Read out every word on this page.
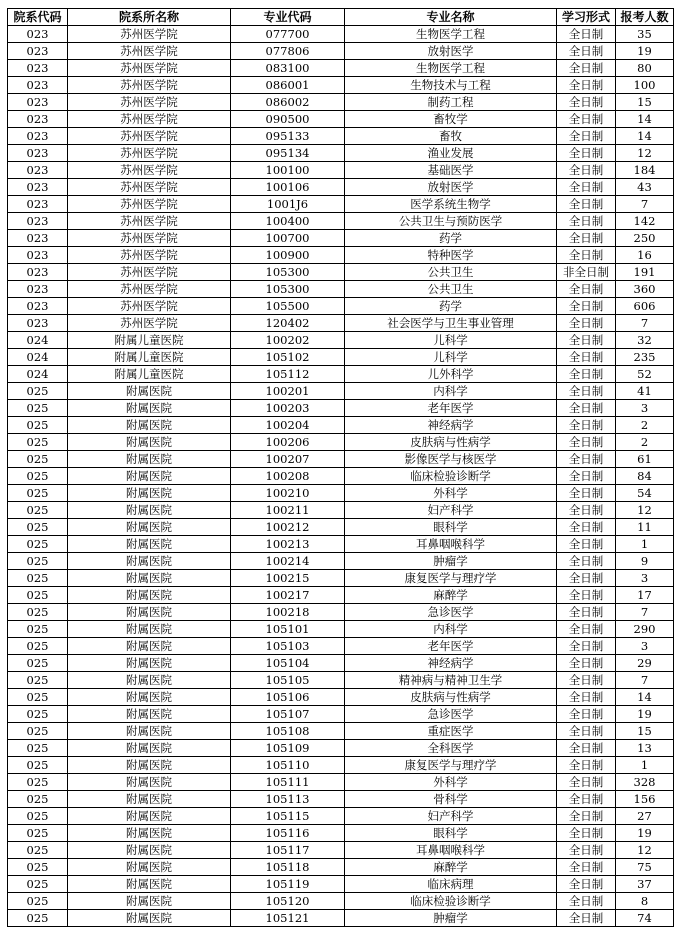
院系代码	院系所名称	专业代码	专业名称	学习形式	报考人数
023	苏州医学院	077700	生物医学工程	全日制	35
023	苏州医学院	077806	放射医学	全日制	19
023	苏州医学院	083100	生物医学工程	全日制	80
023	苏州医学院	086001	生物技术与工程	全日制	100
023	苏州医学院	086002	制药工程	全日制	15
023	苏州医学院	090500	畜牧学	全日制	14
023	苏州医学院	095133	畜牧	全日制	14
023	苏州医学院	095134	渔业发展	全日制	12
023	苏州医学院	100100	基础医学	全日制	184
023	苏州医学院	100106	放射医学	全日制	43
023	苏州医学院	1001J6	医学系统生物学	全日制	7
023	苏州医学院	100400	公共卫生与预防医学	全日制	142
023	苏州医学院	100700	药学	全日制	250
023	苏州医学院	100900	特种医学	全日制	16
023	苏州医学院	105300	公共卫生	非全日制	191
023	苏州医学院	105300	公共卫生	全日制	360
023	苏州医学院	105500	药学	全日制	606
023	苏州医学院	120402	社会医学与卫生事业管理	全日制	7
024	附属儿童医院	100202	儿科学	全日制	32
024	附属儿童医院	105102	儿科学	全日制	235
024	附属儿童医院	105112	儿外科学	全日制	52
025	附属医院	100201	内科学	全日制	41
025	附属医院	100203	老年医学	全日制	3
025	附属医院	100204	神经病学	全日制	2
025	附属医院	100206	皮肤病与性病学	全日制	2
025	附属医院	100207	影像医学与核医学	全日制	61
025	附属医院	100208	临床检验诊断学	全日制	84
025	附属医院	100210	外科学	全日制	54
025	附属医院	100211	妇产科学	全日制	12
025	附属医院	100212	眼科学	全日制	11
025	附属医院	100213	耳鼻咽喉科学	全日制	1
025	附属医院	100214	肿瘤学	全日制	9
025	附属医院	100215	康复医学与理疗学	全日制	3
025	附属医院	100217	麻醉学	全日制	17
025	附属医院	100218	急诊医学	全日制	7
025	附属医院	105101	内科学	全日制	290
025	附属医院	105103	老年医学	全日制	3
025	附属医院	105104	神经病学	全日制	29
025	附属医院	105105	精神病与精神卫生学	全日制	7
025	附属医院	105106	皮肤病与性病学	全日制	14
025	附属医院	105107	急诊医学	全日制	19
025	附属医院	105108	重症医学	全日制	15
025	附属医院	105109	全科医学	全日制	13
025	附属医院	105110	康复医学与理疗学	全日制	1
025	附属医院	105111	外科学	全日制	328
025	附属医院	105113	骨科学	全日制	156
025	附属医院	105115	妇产科学	全日制	27
025	附属医院	105116	眼科学	全日制	19
025	附属医院	105117	耳鼻咽喉科学	全日制	12
025	附属医院	105118	麻醉学	全日制	75
025	附属医院	105119	临床病理	全日制	37
025	附属医院	105120	临床检验诊断学	全日制	8
025	附属医院	105121	肿瘤学	全日制	74
